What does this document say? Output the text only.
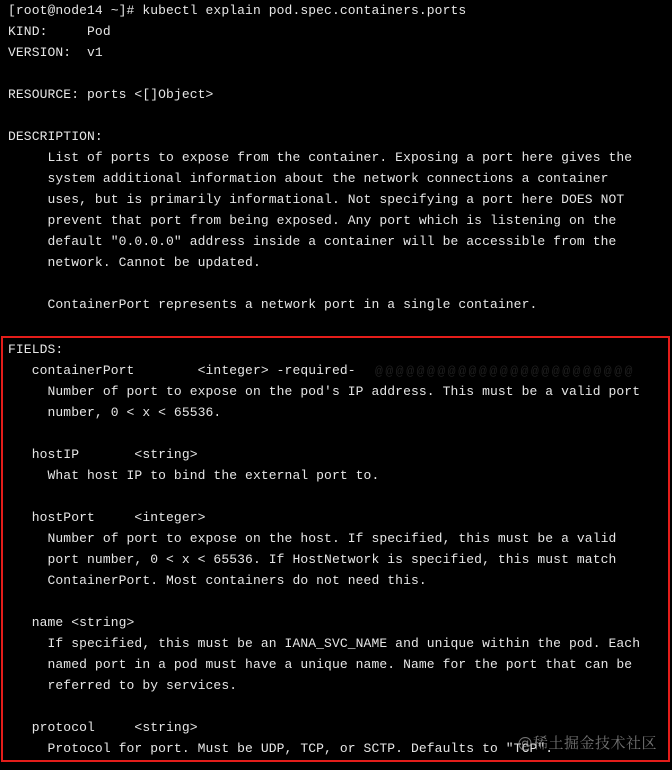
[root@node14 ~]# kubectl explain pod.spec.containers.ports
KIND:     Pod
VERSION:  v1
RESOURCE: ports <[]Object>
DESCRIPTION:
List of ports to expose from the container. Exposing a port here gives the
system additional information about the network connections a container
uses, but is primarily informational. Not specifying a port here DOES NOT
prevent that port from being exposed. Any port which is listening on the
default "0.0.0.0" address inside a container will be accessible from the
network. Cannot be updated.
ContainerPort represents a network port in a single container.
FIELDS:
containerPort        <integer> -required-
Number of port to expose on the pod's IP address. This must be a valid port
number, 0 < x < 65536.
hostIP       <string>
What host IP to bind the external port to.
hostPort     <integer>
Number of port to expose on the host. If specified, this must be a valid
port number, 0 < x < 65536. If HostNetwork is specified, this must match
ContainerPort. Most containers do not need this.
name <string>
If specified, this must be an IANA_SVC_NAME and unique within the pod. Each
named port in a pod must have a unique name. Name for the port that can be
referred to by services.
protocol     <string>
Protocol for port. Must be UDP, TCP, or SCTP. Defaults to "TCP".
@@@@@@@@@@@@@@@@@@@@@@@@@
@稀土掘金技术社区
